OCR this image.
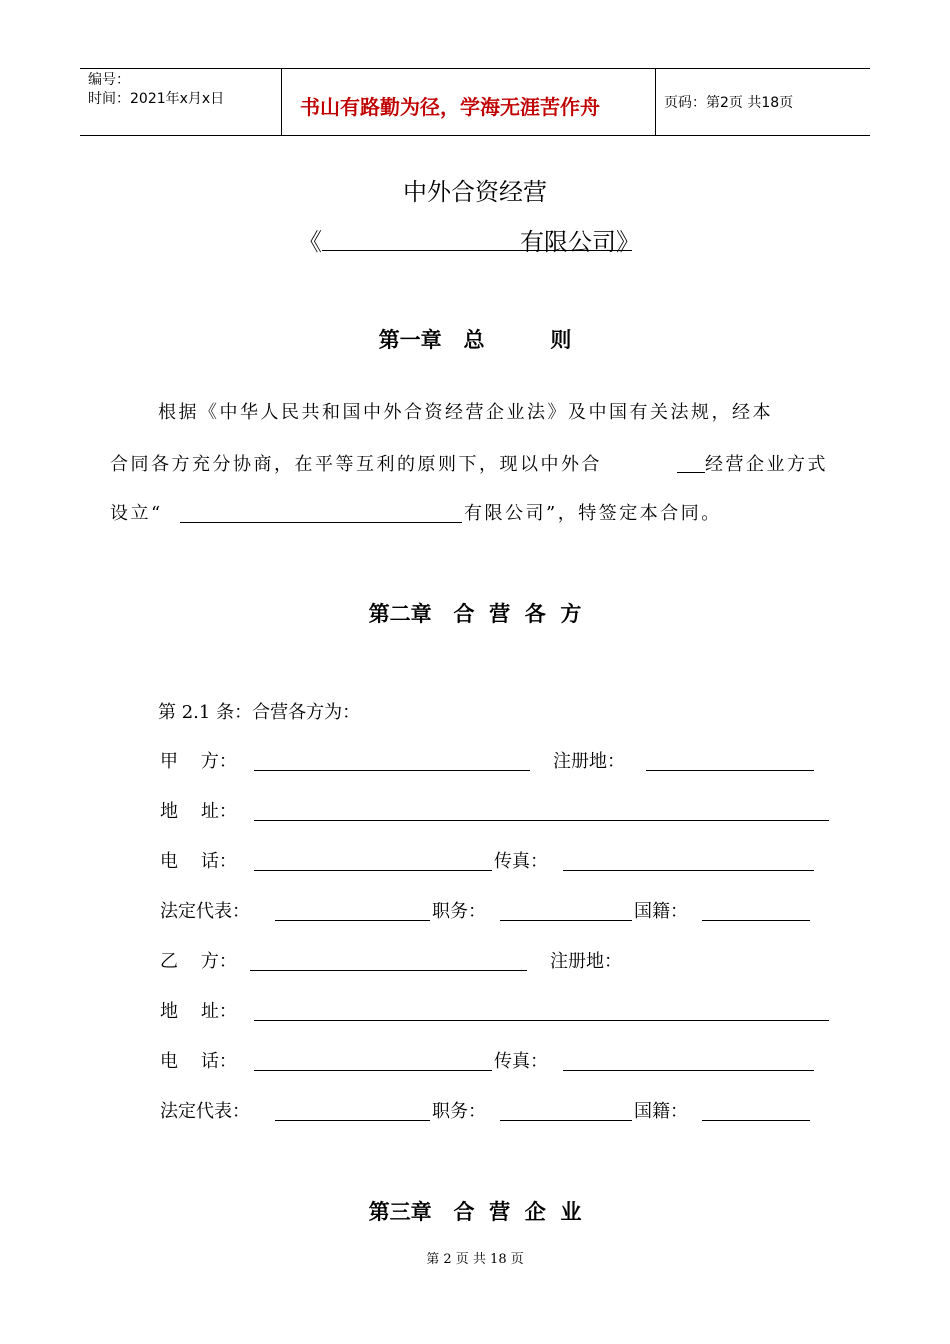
编号：
时间：2021年x月x日	书山有路勤为径，学海无涯苦作舟	页码：第2页 共18页
中外合资经营
《	有限公司》
第一章   总         则
根据《中华人民共和国中外合资经营企业法》及中国有关法规，经本
合同各方充分协商，在平等互利的原则下，现以中外合	经营企业方式
设立“	有限公司”，特签定本合同。
第二章   合  营  各  方
第 2.1 条：合营各方为：
甲    方：	注册地：
地    址：
电    话：	传真：
法定代表：	职务：	国籍：
乙    方：	注册地：
地    址：
电    话：	传真：
法定代表：	职务：	国籍：
第三章   合  营  企  业
第 2 页 共 18 页
